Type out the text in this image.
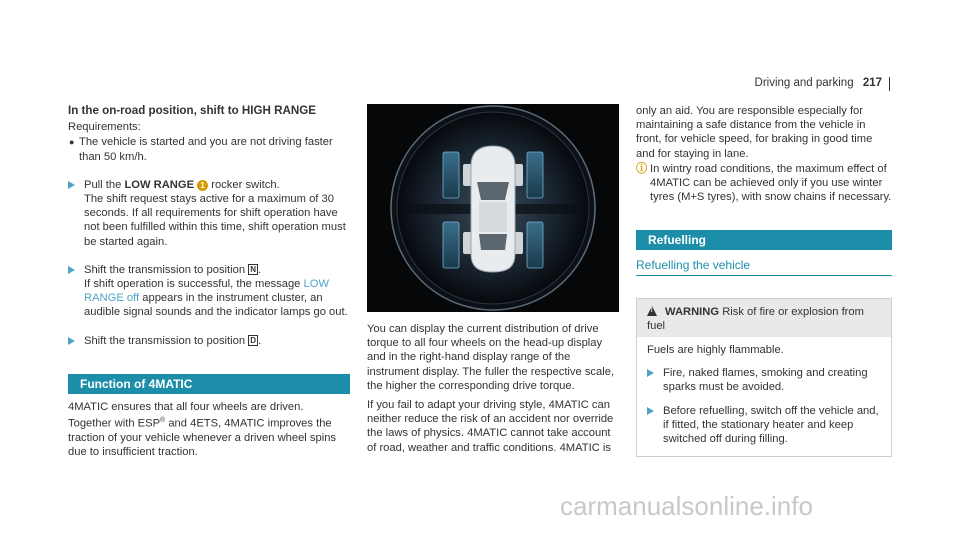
Driving and parking 217
In the on-road position, shift to HIGH RANGE

Requirements:

● The vehicle is started and you are not driving faster than 50 km/h.
Pull the LOW RANGE 1 rocker switch.
The shift request stays active for a maximum of 30 seconds. If all requirements for shift operation have not been fulfilled within this time, shift operation must be started again.
Shift the transmission to position N .
If shift operation is successful, the message LOW RANGE off appears in the instrument cluster, an audible signal sounds and the indicator lamps go out.
Shift the transmission to position D .
Function of 4MATIC

4MATIC ensures that all four wheels are driven.

Together with ESP® and 4ETS, 4MATIC improves the traction of your vehicle whenever a driven wheel spins due to insufficient traction.

You can display the current distribution of drive torque to all four wheels on the head-up display and in the right-hand display range of the instrument display. The fuller the respective scale, the higher the corresponding drive torque.

If you fail to adapt your driving style, 4MATIC can neither reduce the risk of an accident nor override the laws of physics. 4MATIC cannot take account of road, weather and traffic conditions. 4MATIC is

only an aid. You are responsible especially for maintaining a safe distance from the vehicle in front, for vehicle speed, for braking in good time and for staying in lane.

ⓘ In wintry road conditions, the maximum effect of 4MATIC can be achieved only if you use winter tyres (M+S tyres), with snow chains if necessary.
Refuelling
Refuelling the vehicle
!WARNING Risk of fire or explosion from fuel

Fuels are highly flammable.

Fire, naked flames, smoking and creating sparks must be avoided.
Before refuelling, switch off the vehicle and, if fitted, the stationary heater and keep switched off during filling.
carmanualsonline.info
